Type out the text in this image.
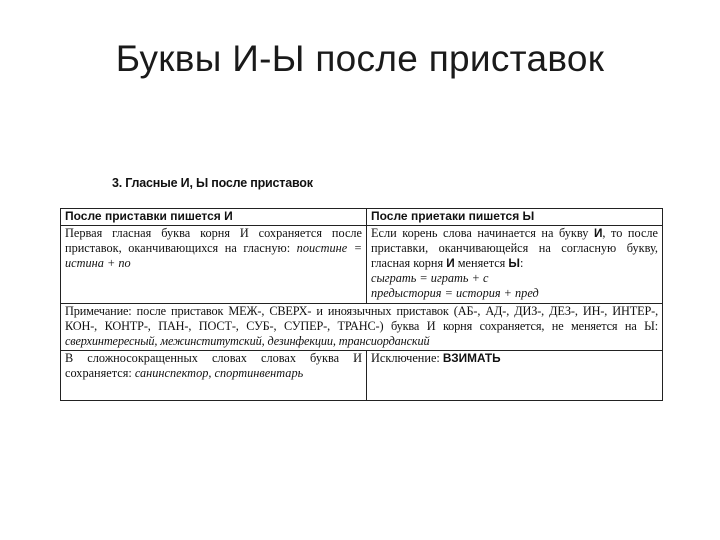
Буквы И-Ы после приставок
3. Гласные И, Ы после приставок
После приставки пишется И	После приетаки пишется Ы
Первая гласная буква корня И сохраняется после приставок, оканчивающихся на гласную: поистине = истина + по	Если корень слова начинается на букву И, то после приставки, оканчивающейся на согласную букву, гласная корня И меняется Ы:
сыграть = играть + с
предыстория = история + пред
Примечание: после приставок МЕЖ-, СВЕРХ- и иноязычных приставок (АБ-, АД-, ДИЗ-, ДЕЗ-, ИН-, ИНТЕР-, КОН-, КОНТР-, ПАН-, ПОСТ-, СУБ-, СУПЕР-, ТРАНС-) буква И корня сохраняется, не меняется на Ы: сверхинтересный, межинститутский, дезинфекции, трансиорданский	
В сложносокращенных словах словах буква И сохраняется: санинспектор, спортинвентарь	Исключение: ВЗИМАТЬ
